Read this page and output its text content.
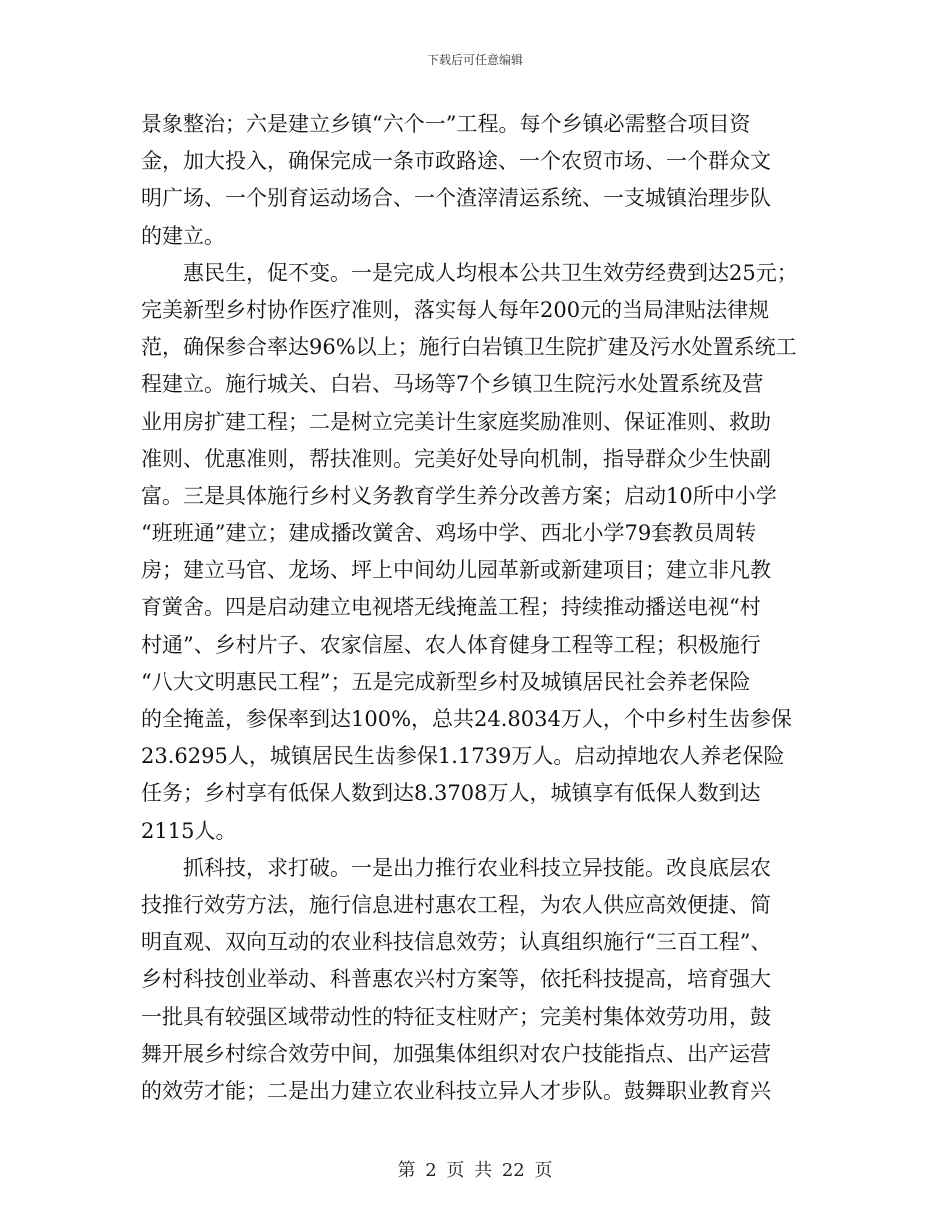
下载后可任意编辑
景象整治；六是建立乡镇“六个一”工程。每个乡镇必需整合项目资
金，加大投入，确保完成一条市政路途、一个农贸市场、一个群众文
明广场、一个别育运动场合、一个渣滓清运系统、一支城镇治理步队
的建立。
　　惠民生，促不变。一是完成人均根本公共卫生效劳经费到达25元；
完美新型乡村协作医疗准则，落实每人每年200元的当局津贴法律规
范，确保参合率达96%以上；施行白岩镇卫生院扩建及污水处置系统工
程建立。施行城关、白岩、马场等7个乡镇卫生院污水处置系统及营
业用房扩建工程；二是树立完美计生家庭奖励准则、保证准则、救助
准则、优惠准则，帮扶准则。完美好处导向机制，指导群众少生快副
富。三是具体施行乡村义务教育学生养分改善方案；启动10所中小学
“班班通”建立；建成播改黉舍、鸡场中学、西北小学79套教员周转
房；建立马官、龙场、坪上中间幼儿园革新或新建项目；建立非凡教
育黉舍。四是启动建立电视塔无线掩盖工程；持续推动播送电视“村
村通”、乡村片子、农家信屋、农人体育健身工程等工程；积极施行
“八大文明惠民工程”；五是完成新型乡村及城镇居民社会养老保险
的全掩盖，参保率到达100%，总共24.8034万人，个中乡村生齿参保
23.6295人，城镇居民生齿参保1.1739万人。启动掉地农人养老保险
任务；乡村享有低保人数到达8.3708万人，城镇享有低保人数到达
2115人。
　　抓科技，求打破。一是出力推行农业科技立异技能。改良底层农
技推行效劳方法，施行信息进村惠农工程，为农人供应高效便捷、简
明直观、双向互动的农业科技信息效劳；认真组织施行“三百工程”、
乡村科技创业举动、科普惠农兴村方案等，依托科技提高，培育强大
一批具有较强区域带动性的特征支柱财产；完美村集体效劳功用，鼓
舞开展乡村综合效劳中间，加强集体组织对农户技能指点、出产运营
的效劳才能；二是出力建立农业科技立异人才步队。鼓舞职业教育兴
第 2 页 共 22 页
